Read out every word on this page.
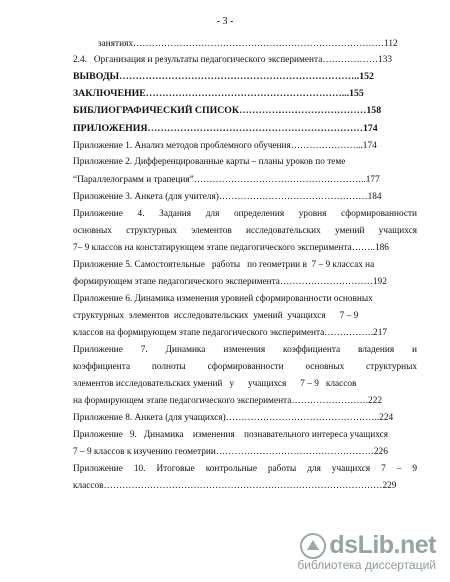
- 3 -
занятиях………………………………………………………………………112
2.4.   Организация и результаты педагогического эксперимента………………133
ВЫВОДЫ………………………………………………………………..152
ЗАКЛЮЧЕНИЕ……………………………………………………...155
БИБЛИОГРАФИЧЕСКИЙ СПИСОК…………………………………158
ПРИЛОЖЕНИЯ…………………………………………………………174
Приложение 1. Анализ методов проблемного обучения…………………...174
Приложение 2. Дифференцированные карты – планы уроков по теме
“Параллелограмм и трапеция”………………………………………………..177
Приложение 3. Анкета (для учителя)…………………………………………184
Приложение 4. Задания для определения уровня сформированности
основных структурных элементов исследовательских умений учащихся
7– 9 классов на констатирующем этапе педагогического эксперимента……..186
Приложение 5. Самостоятельные   работы   по геометрии в  7 – 9 классах на
формирующем этапе педагогического эксперимента…………………………192
Приложение 6. Динамика изменения уровней сформированности основных
структурных  элементов  исследовательских  умений  учащихся      7 – 9
классов на формирующем этапе педагогического эксперимента…………….217
Приложение 7. Динамика изменения коэффициента владения и
коэффициента полноты сформированности основных структурных
элементов исследовательских умений   у      учащихся      7 – 9   классов
на формирующем этапе педагогического эксперимента…………………….222
Приложение 8. Анкета (для учащихся)…………………………………………..224
Приложение   9.   Динамика    изменения    познавательного интереса учащихся
7 – 9 классов к изучению геометрии……………………………………………226
Приложение 10. Итоговые контрольные работы для учащихся 7 – 9
классов………………………………………………………………………………229
dsLib.net
библиотека диссертаций
